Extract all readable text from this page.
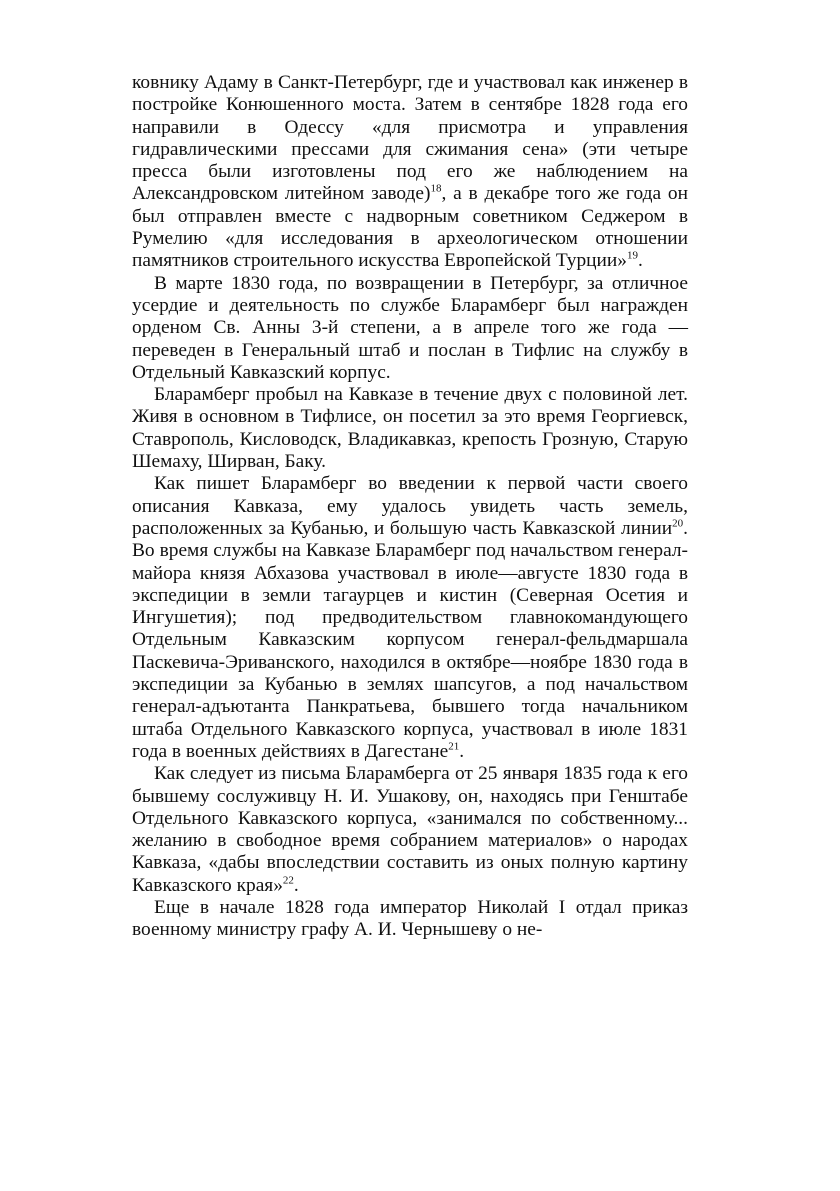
ковнику Адаму в Санкт-Петербург, где и участвовал как инженер в постройке Конюшенного моста. Затем в сентябре 1828 года его направили в Одессу «для присмотра и управления гидравлическими прессами для сжимания сена» (эти четыре пресса были изготовлены под его же наблюдением на Александровском литейном заводе)$^{18}$, а в декабре того же года он был отправлен вместе с надворным советником Седжером в Румелию «для исследования в археологическом отношении памятников строительного искусства Европейской Турции»$^{19}$.

В марте 1830 года, по возвращении в Петербург, за отличное усердие и деятельность по службе Бларамберг был награжден орденом Св. Анны 3-й степени, а в апреле того же года — переведен в Генеральный штаб и послан в Тифлис на службу в Отдельный Кавказский корпус.

Бларамберг пробыл на Кавказе в течение двух с половиной лет. Живя в основном в Тифлисе, он посетил за это время Георгиевск, Ставрополь, Кисловодск, Владикавказ, крепость Грозную, Старую Шемаху, Ширван, Баку.

Как пишет Бларамберг во введении к первой части своего описания Кавказа, ему удалось увидеть часть земель, расположенных за Кубанью, и большую часть Кавказской линии$^{20}$. Во время службы на Кавказе Бларамберг под начальством генерал-майора князя Абхазова участвовал в июле—августе 1830 года в экспедиции в земли тагаурцев и кистин (Северная Осетия и Ингушетия); под предводительством главнокомандующего Отдельным Кавказским корпусом генерал-фельдмаршала Паскевича-Эриванского, находился в октябре—ноябре 1830 года в экспедиции за Кубанью в землях шапсугов, а под начальством генерал-адъютанта Панкратьева, бывшего тогда начальником штаба Отдельного Кавказского корпуса, участвовал в июле 1831 года в военных действиях в Дагестане$^{21}$.

Как следует из письма Бларамберга от 25 января 1835 года к его бывшему сослуживцу Н. И. Ушакову, он, находясь при Генштабе Отдельного Кавказского корпуса, «занимался по собственному... желанию в свободное время собранием материалов» о народах Кавказа, «дабы впоследствии составить из оных полную картину Кавказского края»$^{22}$.

Еще в начале 1828 года император Николай I отдал приказ военному министру графу А. И. Чернышеву о не-
